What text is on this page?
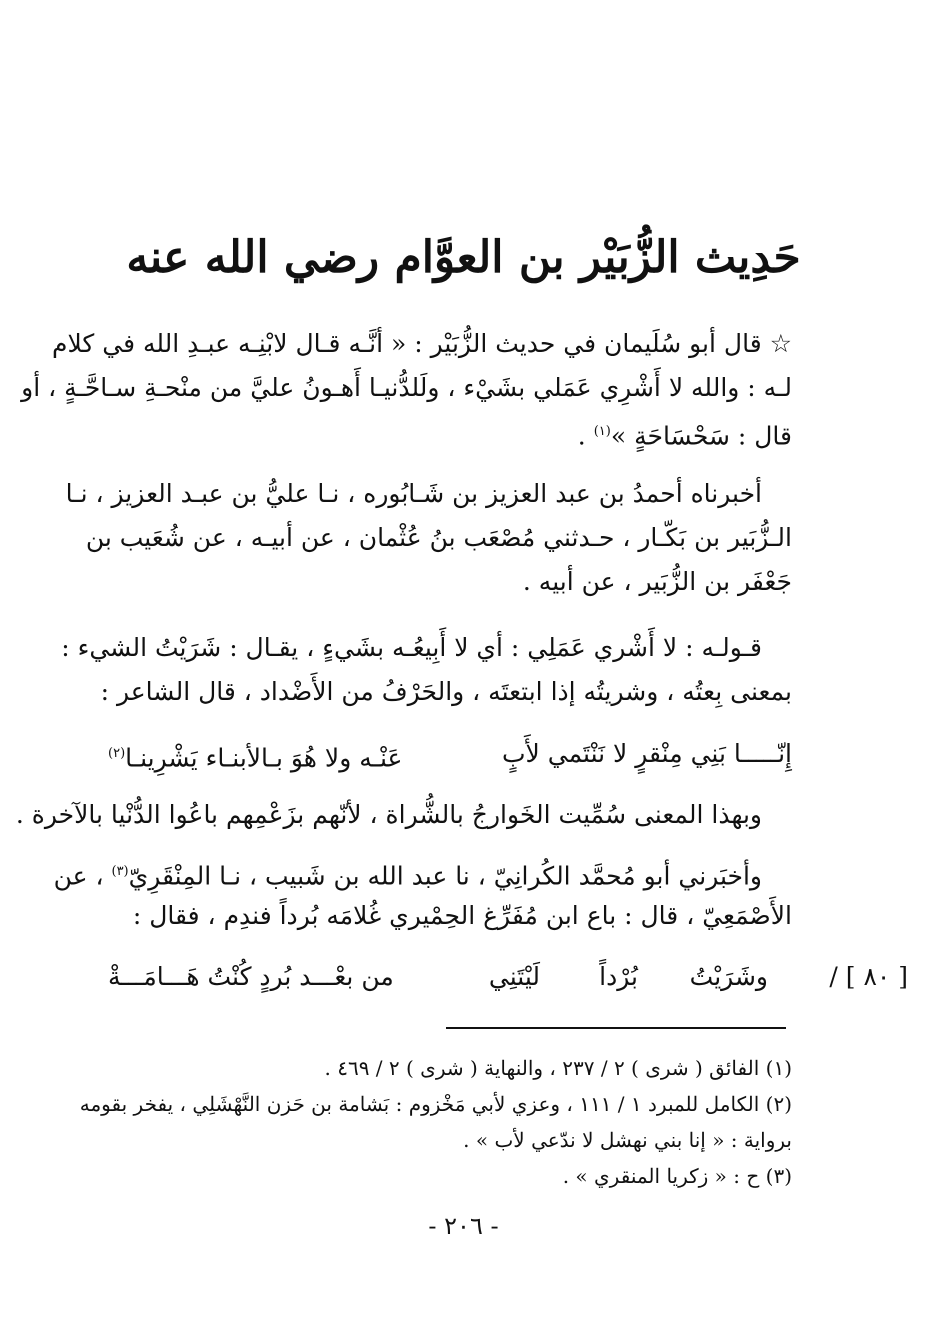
حَدِيث الزُّبَيْر بن العوَّام رضي الله عنه
☆ قال أبو سُلَيمان في حديث الزُّبَيْر : « أنَّـه قـال لابْنِـه عبـدِ الله في كلام
لـه : والله لا أَشْرِي عَمَلي بشَيْء ، ولَلدُّنيـا أَهـونُ عليَّ من منْحـةِ سـاحَّـةٍ ، أو
قال : سَحْسَاحَةٍ »$^{(١)}$ .
أخبرناه أحمدُ بن عبد العزيز بن شَـابُوره ، نـا عليُّ بن عبـد العزيز ، نـا
الـزُّبَير بن بَكّـار ، حـدثني مُصْعَب بنُ عُثْمان ، عن أبيـه ، عن شُعَيب بن
جَعْفَر بن الزُّبَير ، عن أبيه .
قـولـه : لا أَشْري عَمَلِي : أي لا أَبِيعُـه بشَيءٍ ، يقـال : شَرَيْتُ الشيء :
بمعنى بِعتُه ، وشريتُه إذا ابتعتَه ، والحَرْفُ من الأَضْداد ، قال الشاعر :
إِنّـــــا بَنِي مِنْقرٍ لا نَنْتَمي لأَبٍ
عَنْـه ولا هُوَ بـالأبنـاء يَشْرِينـا$^{(٢)}$
وبهذا المعنى سُمِّيت الخَوارجُ بالشُّراة ، لأنّهم بزَعْمِهم باعُوا الدُّنْيا بالآخرة .
وأخبَرني أبو مُحمَّد الكُرانِيّ ، نا عبد الله بن شَبيب ، نـا المِنْقَرِيّ$^{(٣)}$ ، عن
الأَصْمَعِيّ ، قال : باع ابن مُفَرِّغ الحِمْيري غُلامَه بُرداً فندِم ، فقال :
وشَرَيْتُ
بُرْداً
لَيْتَنِي
من بعْـــد بُردٍ كُنْتُ هَـــامَـــةْ	[ ٨٠ ] /
(١) الفائق ( شرى ) ٢ / ٢٣٧ ، والنهاية ( شرى ) ٢ / ٤٦٩ .
(٢) الكامل للمبرد ١ / ١١١ ، وعزي لأبي مَخْزوم : بَشامة بن حَزن النَّهْشَلِي ، يفخر بقومه
برواية : « إنا بني نهشل لا ندّعي لأب » .
(٣) ح : « زكريا المنقري » .
- ٢٠٦ -
